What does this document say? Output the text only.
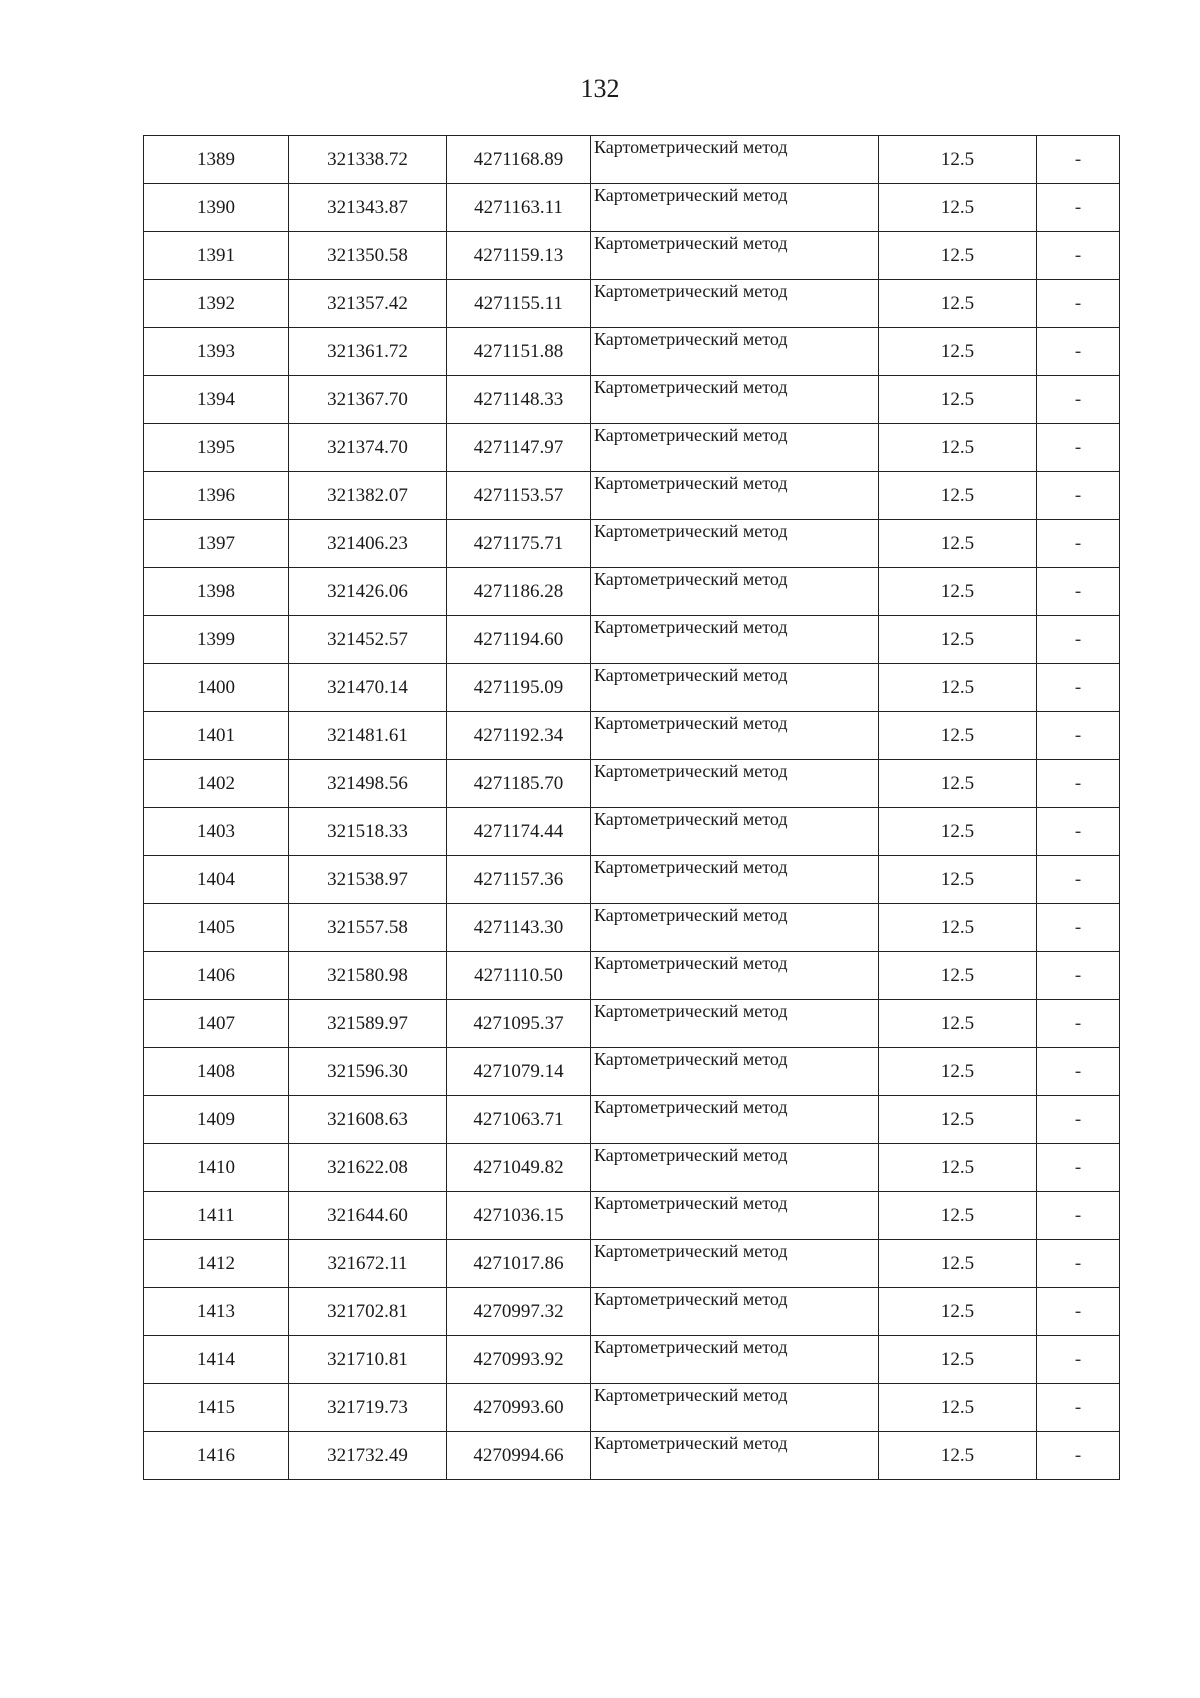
132
1389	321338.72	4271168.89	Картометрический метод	12.5	-
1390	321343.87	4271163.11	Картометрический метод	12.5	-
1391	321350.58	4271159.13	Картометрический метод	12.5	-
1392	321357.42	4271155.11	Картометрический метод	12.5	-
1393	321361.72	4271151.88	Картометрический метод	12.5	-
1394	321367.70	4271148.33	Картометрический метод	12.5	-
1395	321374.70	4271147.97	Картометрический метод	12.5	-
1396	321382.07	4271153.57	Картометрический метод	12.5	-
1397	321406.23	4271175.71	Картометрический метод	12.5	-
1398	321426.06	4271186.28	Картометрический метод	12.5	-
1399	321452.57	4271194.60	Картометрический метод	12.5	-
1400	321470.14	4271195.09	Картометрический метод	12.5	-
1401	321481.61	4271192.34	Картометрический метод	12.5	-
1402	321498.56	4271185.70	Картометрический метод	12.5	-
1403	321518.33	4271174.44	Картометрический метод	12.5	-
1404	321538.97	4271157.36	Картометрический метод	12.5	-
1405	321557.58	4271143.30	Картометрический метод	12.5	-
1406	321580.98	4271110.50	Картометрический метод	12.5	-
1407	321589.97	4271095.37	Картометрический метод	12.5	-
1408	321596.30	4271079.14	Картометрический метод	12.5	-
1409	321608.63	4271063.71	Картометрический метод	12.5	-
1410	321622.08	4271049.82	Картометрический метод	12.5	-
1411	321644.60	4271036.15	Картометрический метод	12.5	-
1412	321672.11	4271017.86	Картометрический метод	12.5	-
1413	321702.81	4270997.32	Картометрический метод	12.5	-
1414	321710.81	4270993.92	Картометрический метод	12.5	-
1415	321719.73	4270993.60	Картометрический метод	12.5	-
1416	321732.49	4270994.66	Картометрический метод	12.5	-
